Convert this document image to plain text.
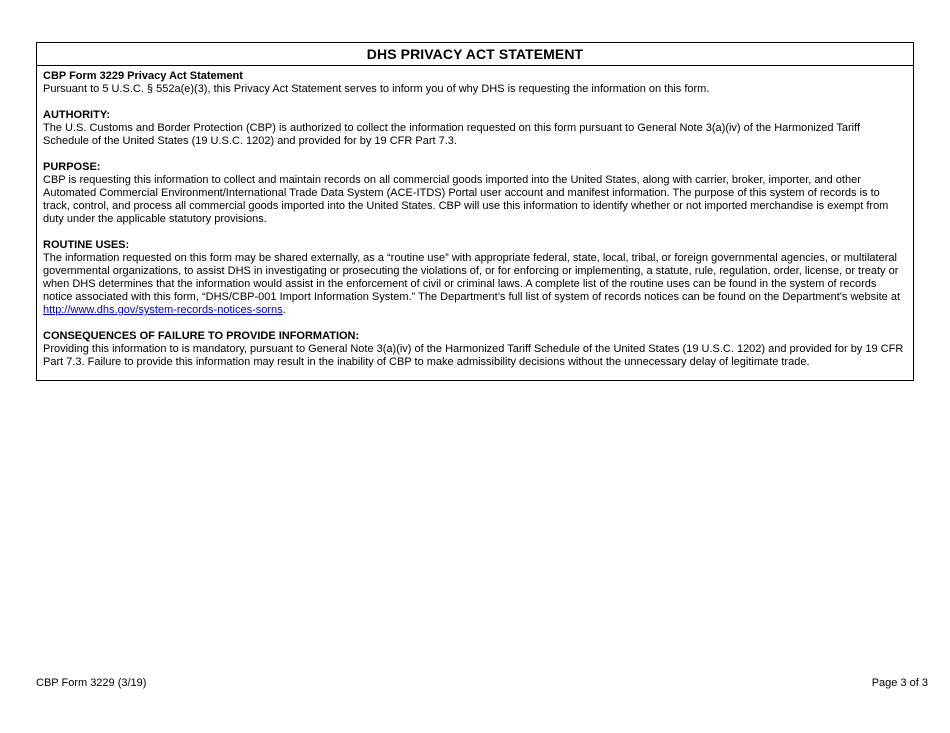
DHS PRIVACY ACT STATEMENT

CBP Form 3229 Privacy Act Statement

Pursuant to 5 U.S.C. § 552a(e)(3), this Privacy Act Statement serves to inform you of why DHS is requesting the information on this form.

AUTHORITY:

The U.S. Customs and Border Protection (CBP) is authorized to collect the information requested on this form pursuant to General Note 3(a)(iv) of the Harmonized Tariff Schedule of the United States (19 U.S.C. 1202) and provided for by 19 CFR Part 7.3.

PURPOSE:

CBP is requesting this information to collect and maintain records on all commercial goods imported into the United States, along with carrier, broker, importer, and other Automated Commercial Environment/International Trade Data System (ACE-ITDS) Portal user account and manifest information. The purpose of this system of records is to track, control, and process all commercial goods imported into the United States. CBP will use this information to identify whether or not imported merchandise is exempt from duty under the applicable statutory provisions.

ROUTINE USES:

The information requested on this form may be shared externally, as a “routine use” with appropriate federal, state, local, tribal, or foreign governmental agencies, or multilateral governmental organizations, to assist DHS in investigating or prosecuting the violations of, or for enforcing or implementing, a statute, rule, regulation, order, license, or treaty or when DHS determines that the information would assist in the enforcement of civil or criminal laws. A complete list of the routine uses can be found in the system of records notice associated with this form, “DHS/CBP-001 Import Information System.” The Department’s full list of system of records notices can be found on the Department's website at http://www.dhs.gov/system-records-notices-sorns.

CONSEQUENCES OF FAILURE TO PROVIDE INFORMATION:

Providing this information to is mandatory, pursuant to General Note 3(a)(iv) of the Harmonized Tariff Schedule of the United States (19 U.S.C. 1202) and provided for by 19 CFR Part 7.3. Failure to provide this information may result in the inability of CBP to make admissibility decisions without the unnecessary delay of legitimate trade.

CBP Form 3229 (3/19)	Page 3 of 3
